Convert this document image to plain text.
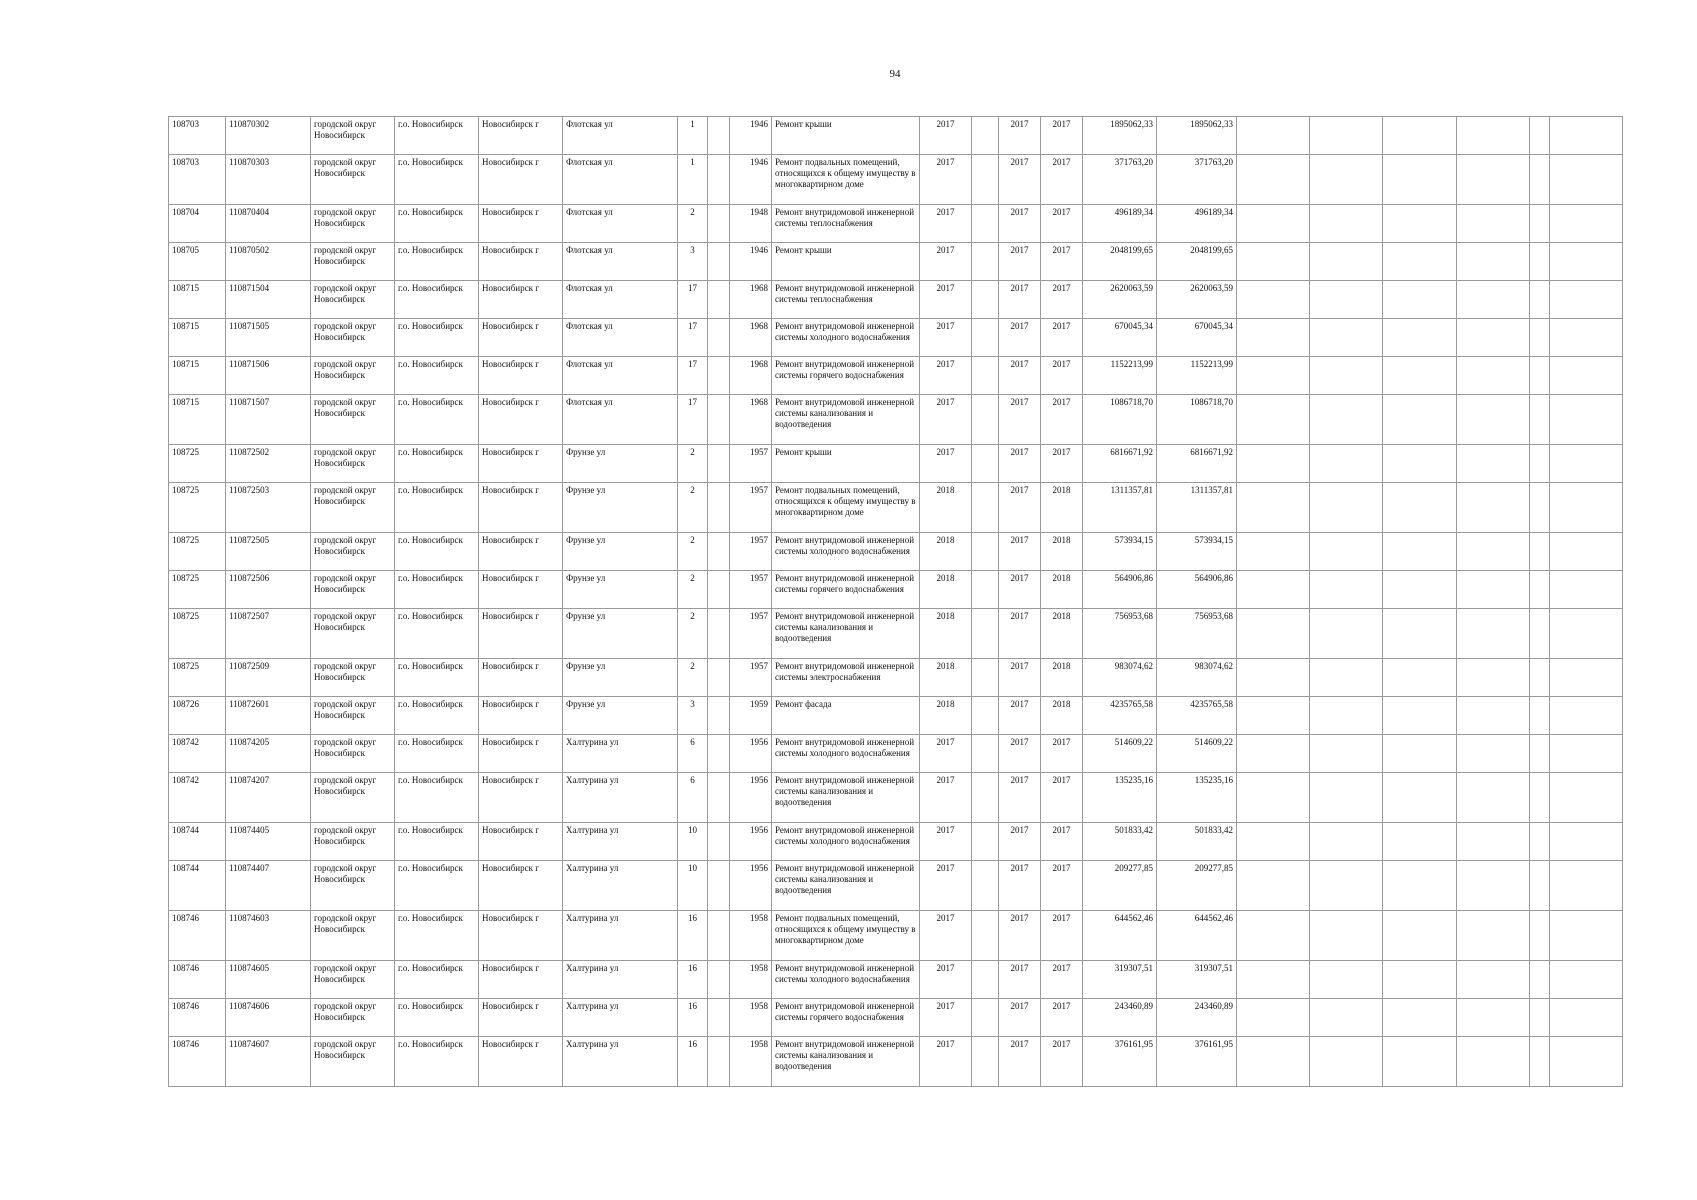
94
108703	110870302	городской округ Новосибирск	г.о. Новосибирск	Новосибирск г	Флотская ул	1		1946	Ремонт крыши	2017		2017	2017	1895062,33	1895062,33						
108703	110870303	городской округ Новосибирск	г.о. Новосибирск	Новосибирск г	Флотская ул	1		1946	Ремонт подвальных помещений, относящихся к общему имуществу в многоквартирном доме	2017		2017	2017	371763,20	371763,20						
108704	110870404	городской округ Новосибирск	г.о. Новосибирск	Новосибирск г	Флотская ул	2		1948	Ремонт внутридомовой инженерной системы теплоснабжения	2017		2017	2017	496189,34	496189,34						
108705	110870502	городской округ Новосибирск	г.о. Новосибирск	Новосибирск г	Флотская ул	3		1946	Ремонт крыши	2017		2017	2017	2048199,65	2048199,65						
108715	110871504	городской округ Новосибирск	г.о. Новосибирск	Новосибирск г	Флотская ул	17		1968	Ремонт внутридомовой инженерной системы теплоснабжения	2017		2017	2017	2620063,59	2620063,59						
108715	110871505	городской округ Новосибирск	г.о. Новосибирск	Новосибирск г	Флотская ул	17		1968	Ремонт внутридомовой инженерной системы холодного водоснабжения	2017		2017	2017	670045,34	670045,34						
108715	110871506	городской округ Новосибирск	г.о. Новосибирск	Новосибирск г	Флотская ул	17		1968	Ремонт внутридомовой инженерной системы горячего водоснабжения	2017		2017	2017	1152213,99	1152213,99						
108715	110871507	городской округ Новосибирск	г.о. Новосибирск	Новосибирск г	Флотская ул	17		1968	Ремонт внутридомовой инженерной системы канализования и водоотведения	2017		2017	2017	1086718,70	1086718,70						
108725	110872502	городской округ Новосибирск	г.о. Новосибирск	Новосибирск г	Фрунзе ул	2		1957	Ремонт крыши	2017		2017	2017	6816671,92	6816671,92						
108725	110872503	городской округ Новосибирск	г.о. Новосибирск	Новосибирск г	Фрунзе ул	2		1957	Ремонт подвальных помещений, относящихся к общему имуществу в многоквартирном доме	2018		2017	2018	1311357,81	1311357,81						
108725	110872505	городской округ Новосибирск	г.о. Новосибирск	Новосибирск г	Фрунзе ул	2		1957	Ремонт внутридомовой инженерной системы холодного водоснабжения	2018		2017	2018	573934,15	573934,15						
108725	110872506	городской округ Новосибирск	г.о. Новосибирск	Новосибирск г	Фрунзе ул	2		1957	Ремонт внутридомовой инженерной системы горячего водоснабжения	2018		2017	2018	564906,86	564906,86						
108725	110872507	городской округ Новосибирск	г.о. Новосибирск	Новосибирск г	Фрунзе ул	2		1957	Ремонт внутридомовой инженерной системы канализования и водоотведения	2018		2017	2018	756953,68	756953,68						
108725	110872509	городской округ Новосибирск	г.о. Новосибирск	Новосибирск г	Фрунзе ул	2		1957	Ремонт внутридомовой инженерной системы электроснабжения	2018		2017	2018	983074,62	983074,62						
108726	110872601	городской округ Новосибирск	г.о. Новосибирск	Новосибирск г	Фрунзе ул	3		1959	Ремонт фасада	2018		2017	2018	4235765,58	4235765,58						
108742	110874205	городской округ Новосибирск	г.о. Новосибирск	Новосибирск г	Халтурина ул	6		1956	Ремонт внутридомовой инженерной системы холодного водоснабжения	2017		2017	2017	514609,22	514609,22						
108742	110874207	городской округ Новосибирск	г.о. Новосибирск	Новосибирск г	Халтурина ул	6		1956	Ремонт внутридомовой инженерной системы канализования и водоотведения	2017		2017	2017	135235,16	135235,16						
108744	110874405	городской округ Новосибирск	г.о. Новосибирск	Новосибирск г	Халтурина ул	10		1956	Ремонт внутридомовой инженерной системы холодного водоснабжения	2017		2017	2017	501833,42	501833,42						
108744	110874407	городской округ Новосибирск	г.о. Новосибирск	Новосибирск г	Халтурина ул	10		1956	Ремонт внутридомовой инженерной системы канализования и водоотведения	2017		2017	2017	209277,85	209277,85						
108746	110874603	городской округ Новосибирск	г.о. Новосибирск	Новосибирск г	Халтурина ул	16		1958	Ремонт подвальных помещений, относящихся к общему имуществу в многоквартирном доме	2017		2017	2017	644562,46	644562,46						
108746	110874605	городской округ Новосибирск	г.о. Новосибирск	Новосибирск г	Халтурина ул	16		1958	Ремонт внутридомовой инженерной системы холодного водоснабжения	2017		2017	2017	319307,51	319307,51						
108746	110874606	городской округ Новосибирск	г.о. Новосибирск	Новосибирск г	Халтурина ул	16		1958	Ремонт внутридомовой инженерной системы горячего водоснабжения	2017		2017	2017	243460,89	243460,89						
108746	110874607	городской округ Новосибирск	г.о. Новосибирск	Новосибирск г	Халтурина ул	16		1958	Ремонт внутридомовой инженерной системы канализования и водоотведения	2017		2017	2017	376161,95	376161,95						
